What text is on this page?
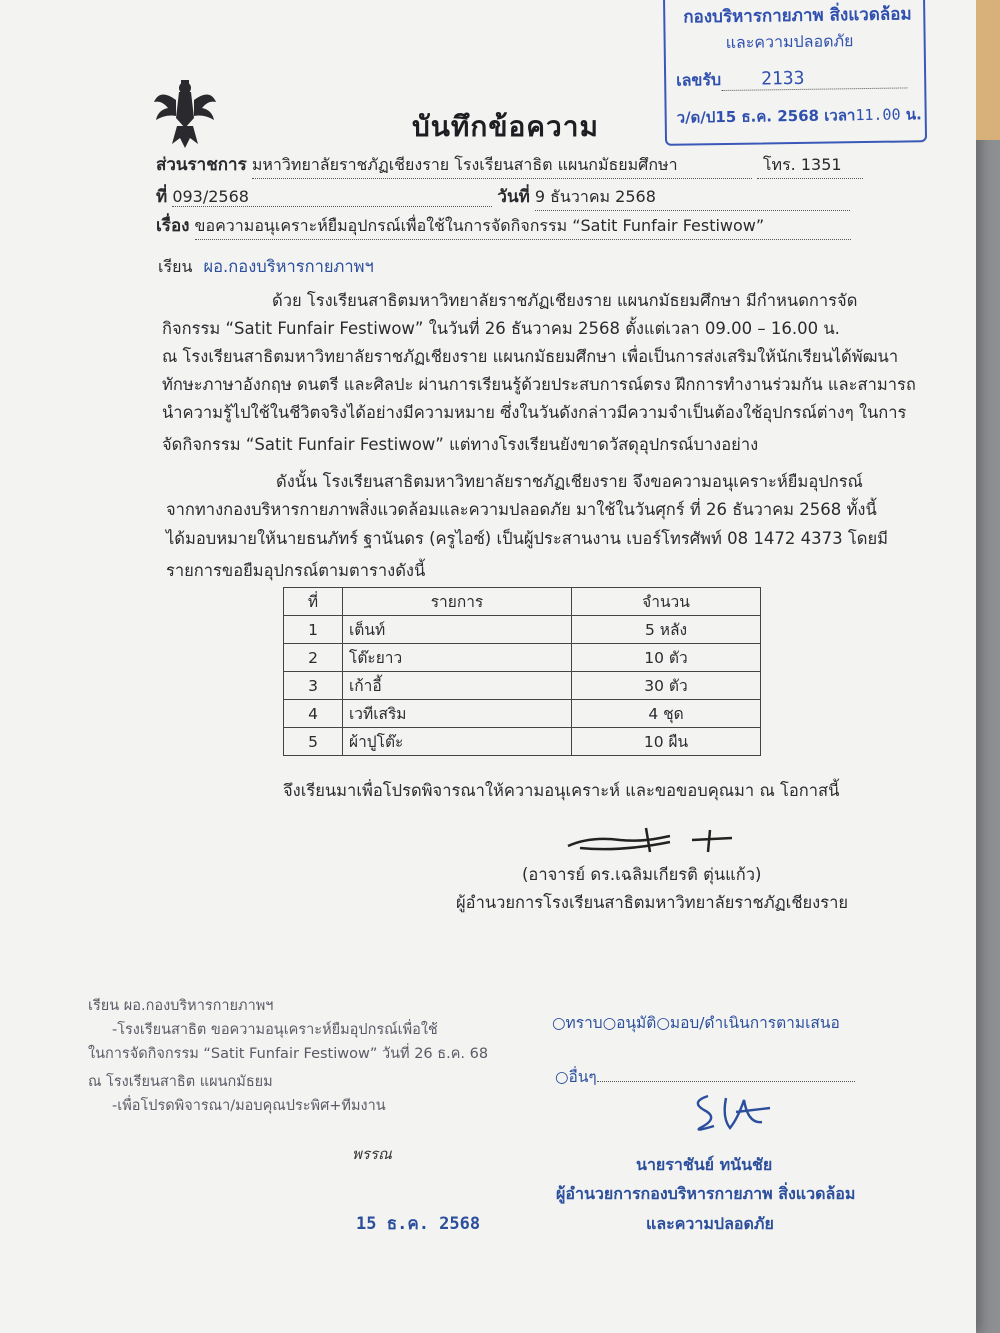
บันทึกข้อความ
กองบริหารกายภาพ สิ่งแวดล้อม
และความปลอดภัย
เลขรับ 2133
ว/ด/ป15 ธ.ค. 2568 เวลา11.00 น.
ส่วนราชการ มหาวิทยาลัยราชภัฏเชียงราย โรงเรียนสาธิต แผนกมัธยมศึกษา	โทร. 1351
ที่ 093/2568	วันที่ 9 ธันวาคม 2568
เรื่อง ขอความอนุเคราะห์ยืมอุปกรณ์เพื่อใช้ในการจัดกิจกรรม “Satit Funfair Festiwow”
เรียน ผอ.กองบริหารกายภาพฯ
ด้วย โรงเรียนสาธิตมหาวิทยาลัยราชภัฏเชียงราย แผนกมัธยมศึกษา มีกำหนดการจัด
กิจกรรม “Satit Funfair Festiwow” ในวันที่ 26 ธันวาคม 2568 ตั้งแต่เวลา 09.00 – 16.00 น.
ณ โรงเรียนสาธิตมหาวิทยาลัยราชภัฏเชียงราย แผนกมัธยมศึกษา เพื่อเป็นการส่งเสริมให้นักเรียนได้พัฒนา
ทักษะภาษาอังกฤษ ดนตรี และศิลปะ ผ่านการเรียนรู้ด้วยประสบการณ์ตรง ฝึกการทำงานร่วมกัน และสามารถ
นำความรู้ไปใช้ในชีวิตจริงได้อย่างมีความหมาย ซึ่งในวันดังกล่าวมีความจำเป็นต้องใช้อุปกรณ์ต่างๆ ในการ
จัดกิจกรรม “Satit Funfair Festiwow” แต่ทางโรงเรียนยังขาดวัสดุอุปกรณ์บางอย่าง
ดังนั้น โรงเรียนสาธิตมหาวิทยาลัยราชภัฏเชียงราย จึงขอความอนุเคราะห์ยืมอุปกรณ์
จากทางกองบริหารกายภาพสิ่งแวดล้อมและความปลอดภัย มาใช้ในวันศุกร์ ที่ 26 ธันวาคม 2568 ทั้งนี้
ได้มอบหมายให้นายธนภัทร์ ฐานันดร (ครูไอซ์) เป็นผู้ประสานงาน เบอร์โทรศัพท์ 08 1472 4373 โดยมี
รายการขอยืมอุปกรณ์ตามตารางดังนี้
ที่	รายการ	จำนวน
1	เต็นท์	5 หลัง
2	โต๊ะยาว	10 ตัว
3	เก้าอี้	30 ตัว
4	เวทีเสริม	4 ชุด
5	ผ้าปูโต๊ะ	10 ผืน
จึงเรียนมาเพื่อโปรดพิจารณาให้ความอนุเคราะห์ และขอขอบคุณมา ณ โอกาสนี้
(อาจารย์ ดร.เฉลิมเกียรติ ตุ่นแก้ว)
ผู้อำนวยการโรงเรียนสาธิตมหาวิทยาลัยราชภัฏเชียงราย
เรียน ผอ.กองบริหารกายภาพฯ
-โรงเรียนสาธิต ขอความอนุเคราะห์ยืมอุปกรณ์เพื่อใช้
ในการจัดกิจกรรม “Satit Funfair Festiwow” วันที่ 26 ธ.ค. 68
ณ โรงเรียนสาธิต แผนกมัธยม
-เพื่อโปรดพิจารณา/มอบคุณประพิศ+ทีมงาน
พรรณ
15 ธ.ค. 2568
○ทราบ○อนุมัติ○มอบ/ดำเนินการตามเสนอ
○อื่นๆ
นายราชันย์ ทนันชัย
ผู้อำนวยการกองบริหารกายภาพ สิ่งแวดล้อม
และความปลอดภัย
